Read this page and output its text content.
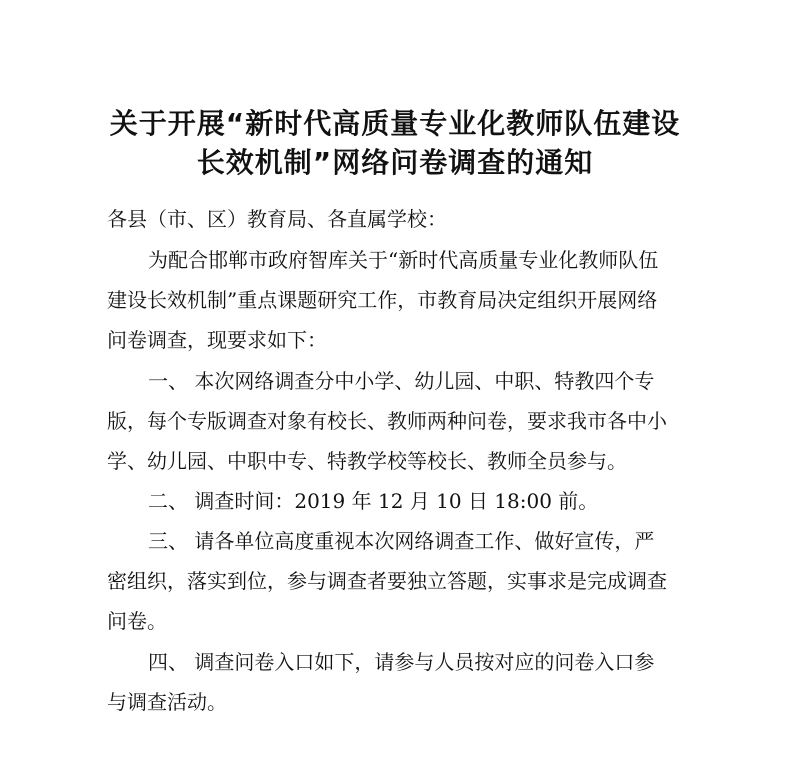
关于开展“新时代高质量专业化教师队伍建设
长效机制”网络问卷调查的通知

各县（市、区）教育局、各直属学校：

为配合邯郸市政府智库关于“新时代高质量专业化教师队伍

建设长效机制”重点课题研究工作，市教育局决定组织开展网络

问卷调查，现要求如下：

一、 本次网络调查分中小学、幼儿园、中职、特教四个专

版，每个专版调查对象有校长、教师两种问卷，要求我市各中小

学、幼儿园、中职中专、特教学校等校长、教师全员参与。

二、 调查时间：2019 年 12 月 10 日 18:00 前。

三、 请各单位高度重视本次网络调查工作、做好宣传，严

密组织，落实到位，参与调查者要独立答题，实事求是完成调查

问卷。

四、 调查问卷入口如下，请参与人员按对应的问卷入口参

与调查活动。
